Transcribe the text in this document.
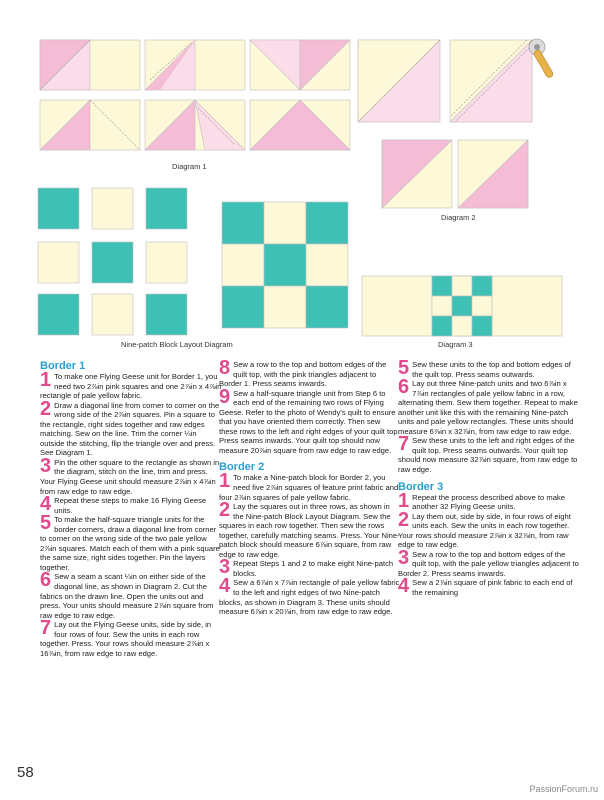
Diagram 1
Diagram 2
Nine-patch Block Layout Diagram	Diagram 3
Border 1
1 To make one Flying Geese unit for Border 1, you need two 2⅞in pink squares and one 2⅞in x 4⅞in rectangle of pale yellow fabric.
2 Draw a diagonal line from corner to corner on the wrong side of the 2⅞in squares. Pin a square to the rectangle, right sides together and raw edges matching. Sew on the line. Trim the corner ¼in outside the stitching, flip the triangle over and press. See Diagram 1.
3 Pin the other square to the rectangle as shown in the diagram, stitch on the line, trim and press. Your Flying Geese unit should measure 2⅞in x 4⅞in from raw edge to raw edge.
4 Repeat these steps to make 16 Flying Geese units.
5 To make the half-square triangle units for the border corners, draw a diagonal line from corner to corner on the wrong side of the two pale yellow 2⅞in squares. Match each of them with a pink square the same size, right sides together. Pin the layers together.
6 Sew a seam a scant ¼in on either side of the diagonal line, as shown in Diagram 2. Cut the fabrics on the drawn line. Open the units out and press. Your units should measure 2⅞in square from raw edge to raw edge.
7 Lay out the Flying Geese units, side by side, in four rows of four. Sew the units in each row together. Press. Your rows should measure 2⅞in x 16⅞in, from raw edge to raw edge.
8 Sew a row to the top and bottom edges of the quilt top, with the pink triangles adjacent to Border 1. Press seams inwards.
9 Sew a half-square triangle unit from Step 6 to each end of the remaining two rows of Flying Geese. Refer to the photo of Wendy's quilt to ensure that you have oriented them correctly. Then sew these rows to the left and right edges of your quilt top. Press seams inwards. Your quilt top should now measure 20⅞in square from raw edge to raw edge.
Border 2
1 To make a Nine-patch block for Border 2, you need five 2⅞in squares of feature print fabric and four 2⅞in squares of pale yellow fabric.
2 Lay the squares out in three rows, as shown in the Nine-patch Block Layout Diagram. Sew the squares in each row together. Then sew the rows together, carefully matching seams. Press. Your Nine-patch block should measure 6⅞in square, from raw edge to raw edge.
3 Repeat Steps 1 and 2 to make eight Nine-patch blocks.
4 Sew a 6⅞in x 7⅞in rectangle of pale yellow fabric to the left and right edges of two Nine-patch blocks, as shown in Diagram 3. These units should measure 6⅞in x 20⅞in, from raw edge to raw edge.
5 Sew these units to the top and bottom edges of the quilt top. Press seams outwards.
6 Lay out three Nine-patch units and two 6⅞in x 7⅞in rectangles of pale yellow fabric in a row, alternating them. Sew them together. Repeat to make another unit like this with the remaining Nine-patch units and pale yellow rectangles. These units should measure 6⅞in x 32⅞in, from raw edge to raw edge.
7 Sew these units to the left and right edges of the quilt top. Press seams outwards. Your quilt top should now measure 32⅞in square, from raw edge to raw edge.
Border 3
1 Repeat the process described above to make another 32 Flying Geese units.
2 Lay them out, side by side, in four rows of eight units each. Sew the units in each row together. Your rows should measure 2⅞in x 32⅞in, from raw edge to raw edge.
3 Sew a row to the top and bottom edges of the quilt top, with the pale yellow triangles adjacent to Border 2. Press seams inwards.
4 Sew a 2⅞in square of pink fabric to each end of the remaining
58
PassionForum.ru
